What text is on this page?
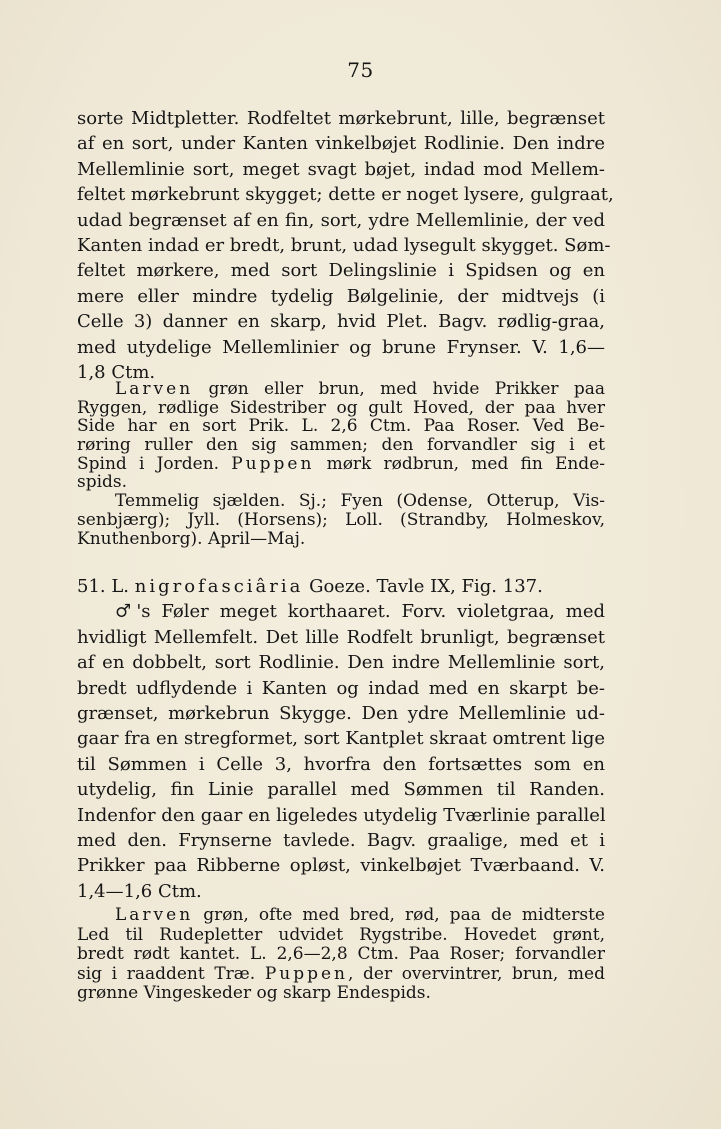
75
sorte Midtpletter. Rodfeltet mørkebrunt, lille, begrænset
af en sort, under Kanten vinkelbøjet Rodlinie. Den indre
Mellemlinie sort, meget svagt bøjet, indad mod Mellem-
feltet mørkebrunt skygget; dette er noget lysere, gulgraat,
udad begrænset af en fin, sort, ydre Mellemlinie, der ved
Kanten indad er bredt, brunt, udad lysegult skygget. Søm-
feltet mørkere, med sort Delingslinie i Spidsen og en
mere eller mindre tydelig Bølgelinie, der midtvejs (i
Celle 3) danner en skarp, hvid Plet. Bagv. rødlig-graa,
med utydelige Mellemlinier og brune Frynser. V. 1,6—
1,8 Ctm.
Larven grøn eller brun, med hvide Prikker paa
Ryggen, rødlige Sidestriber og gult Hoved, der paa hver
Side har en sort Prik. L. 2,6 Ctm. Paa Roser. Ved Be-
røring ruller den sig sammen; den forvandler sig i et
Spind i Jorden. Puppen mørk rødbrun, med fin Ende-
spids.
Temmelig sjælden. Sj.; Fyen (Odense, Otterup, Vis-
senbjærg); Jyll. (Horsens); Loll. (Strandby, Holmeskov,
Knuthenborg). April—Maj.
51. L. nigrofasciâria Goeze. Tavle IX, Fig. 137.
♂'s Føler meget korthaaret. Forv. violetgraa, med
hvidligt Mellemfelt. Det lille Rodfelt brunligt, begrænset
af en dobbelt, sort Rodlinie. Den indre Mellemlinie sort,
bredt udflydende i Kanten og indad med en skarpt be-
grænset, mørkebrun Skygge. Den ydre Mellemlinie ud-
gaar fra en stregformet, sort Kantplet skraat omtrent lige
til Sømmen i Celle 3, hvorfra den fortsættes som en
utydelig, fin Linie parallel med Sømmen til Randen.
Indenfor den gaar en ligeledes utydelig Tværlinie parallel
med den. Frynserne tavlede. Bagv. graalige, med et i
Prikker paa Ribberne opløst, vinkelbøjet Tværbaand. V.
1,4—1,6 Ctm.
Larven grøn, ofte med bred, rød, paa de midterste
Led til Rudepletter udvidet Rygstribe. Hovedet grønt,
bredt rødt kantet. L. 2,6—2,8 Ctm. Paa Roser; forvandler
sig i raaddent Træ. Puppen, der overvintrer, brun, med
grønne Vingeskeder og skarp Endespids.
